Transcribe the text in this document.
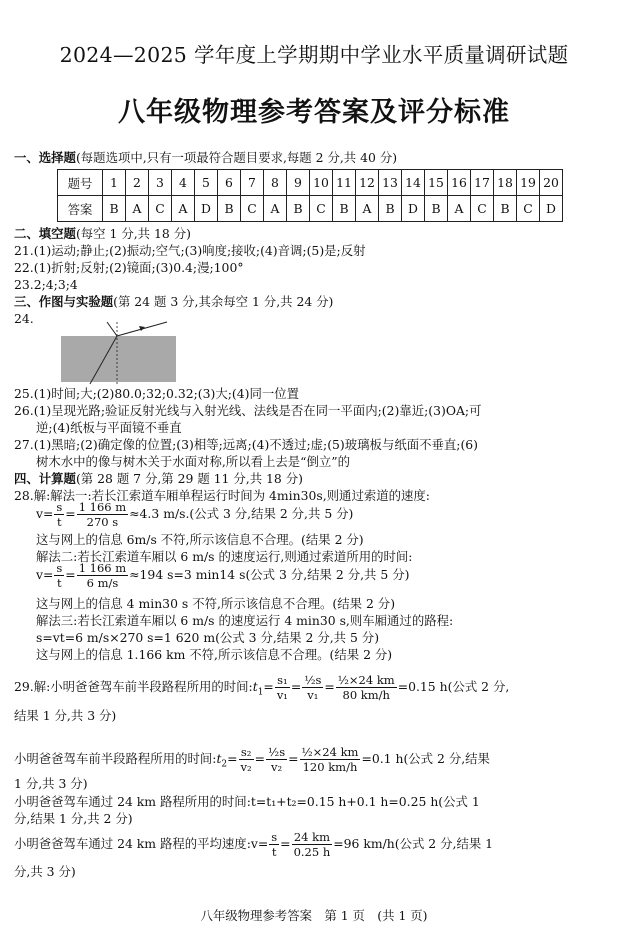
2024—2025 学年度上学期期中学业水平质量调研试题
八年级物理参考答案及评分标准
一、选择题(每题选项中,只有一项最符合题目要求,每题 2 分,共 40 分)
题号	1	2	3	4	5	6	7	8	9	10	11	12	13	14	15	16	17	18	19	20
答案	B	A	C	A	D	B	C	A	B	C	B	A	B	D	B	A	C	B	C	D
二、填空题(每空 1 分,共 18 分)
21.(1)运动;静止;(2)振动;空气;(3)响度;接收;(4)音调;(5)是;反射
22.(1)折射;反射;(2)镜面;(3)0.4;漫;100°
23.2;4;3;4
三、作图与实验题(第 24 题 3 分,其余每空 1 分,共 24 分)
24.
25.(1)时间;大;(2)80.0;32;0.32;(3)大;(4)同一位置
26.(1)呈现光路;验证反射光线与入射光线、法线是否在同一平面内;(2)靠近;(3)OA;可
逆;(4)纸板与平面镜不垂直
27.(1)黑暗;(2)确定像的位置;(3)相等;远离;(4)不透过;虚;(5)玻璃板与纸面不垂直;(6)
树木水中的像与树木关于水面对称,所以看上去是“倒立”的
四、计算题(第 28 题 7 分,第 29 题 11 分,共 18 分)
28.解:解法一:若长江索道车厢单程运行时间为 4min30s,则通过索道的速度:
$v= \frac{s}{t} = \frac{1 166 m}{270 s} \approx 4.3$ m/s.(公式 3 分,结果 2 分,共 5 分)
这与网上的信息 6m/s 不符,所示该信息不合理。(结果 2 分)
解法二:若长江索道车厢以 6 m/s 的速度运行,则通过索道所用的时间:
$v= \frac{s}{t} = \frac{1 166 m}{6 m/s} \approx 194$ s=3 min14 s(公式 3 分,结果 2 分,共 5 分)
这与网上的信息 4 min30 s 不符,所示该信息不合理。(结果 2 分)
解法三:若长江索道车厢以 6 m/s 的速度运行 4 min30 s,则车厢通过的路程:
s=vt=6 m/s×270 s=1 620 m(公式 3 分,结果 2 分,共 5 分)
这与网上的信息 1.166 km 不符,所示该信息不合理。(结果 2 分)
29.解:小明爸爸驾车前半段路程所用的时间$:t_1= \frac{\text{s₁}}{\text{v₁}} = \frac{\text{½s}}{\text{v₁}} = \frac{\text{½×24 km}}{80 km/h} =0.15$ h(公式 2 分,
结果 1 分,共 3 分)
小明爸爸驾车前半段路程所用的时间$:t_2= \frac{\text{s₂}}{\text{v₂}} = \frac{\text{½s}}{\text{v₂}} = \frac{\text{½×24 km}}{120 km/h} =0.1$ h(公式 2 分,结果
1 分,共 3 分)
小明爸爸驾车通过 24 km 路程所用的时间:t=t₁+t₂=0.15 h+0.1 h=0.25 h(公式 1
分,结果 1 分,共 2 分)
小明爸爸驾车通过 24 km 路程的平均速度:v= $\frac{s}{t} = \frac{24 km}{0.25 h} =96$ km/h(公式 2 分,结果 1
分,共 3 分)
八年级物理参考答案　第 1 页　(共 1 页)
